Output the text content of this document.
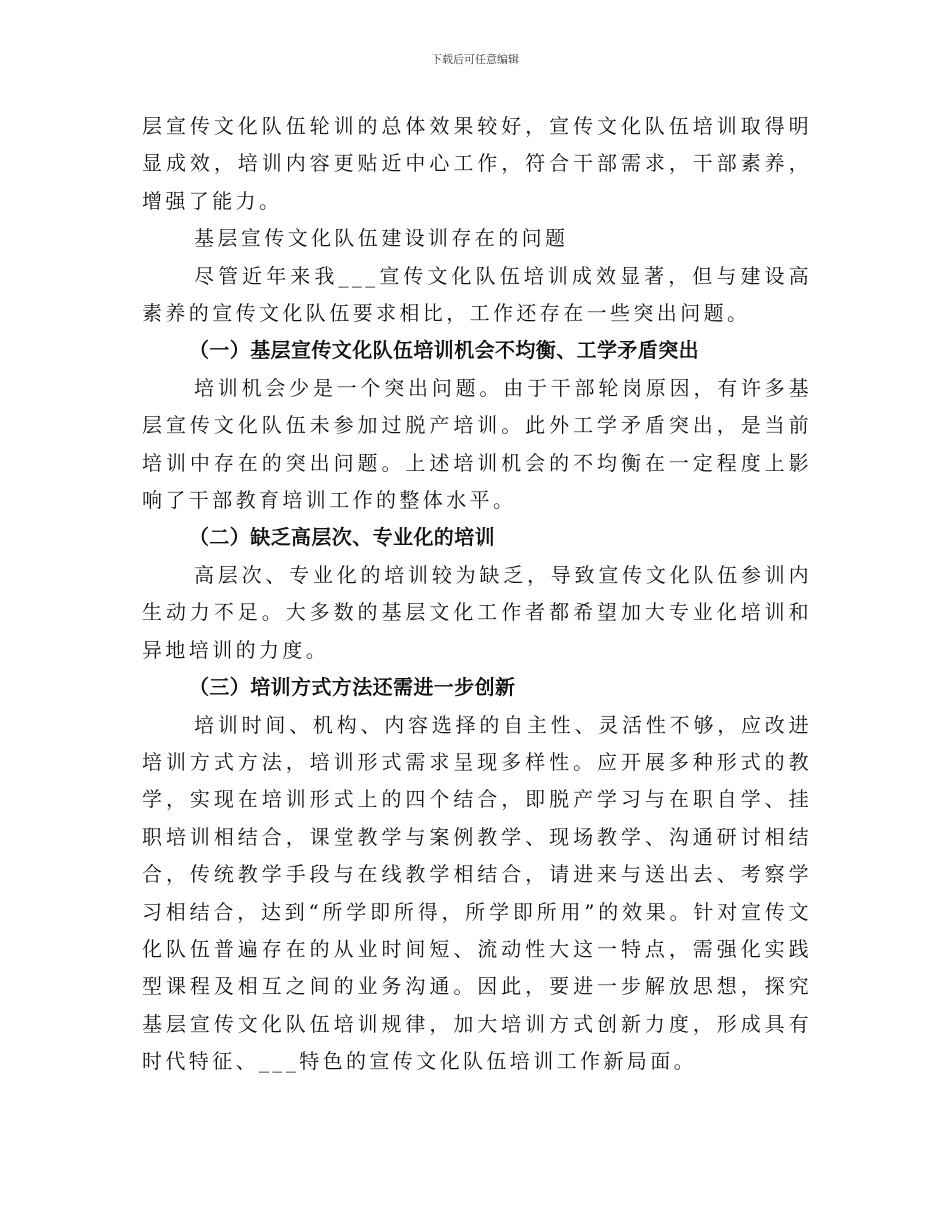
下载后可任意编辑

层宣传文化队伍轮训的总体效果较好，宣传文化队伍培训取得明显成效，培训内容更贴近中心工作，符合干部需求，干部素养，增强了能力。

基层宣传文化队伍建设训存在的问题

尽管近年来我___宣传文化队伍培训成效显著，但与建设高素养的宣传文化队伍要求相比，工作还存在一些突出问题。

（一）基层宣传文化队伍培训机会不均衡、工学矛盾突出

培训机会少是一个突出问题。由于干部轮岗原因，有许多基层宣传文化队伍未参加过脱产培训。此外工学矛盾突出，是当前培训中存在的突出问题。上述培训机会的不均衡在一定程度上影响了干部教育培训工作的整体水平。

（二）缺乏高层次、专业化的培训

高层次、专业化的培训较为缺乏，导致宣传文化队伍参训内生动力不足。大多数的基层文化工作者都希望加大专业化培训和异地培训的力度。

（三）培训方式方法还需进一步创新

培训时间、机构、内容选择的自主性、灵活性不够，应改进培训方式方法，培训形式需求呈现多样性。应开展多种形式的教学，实现在培训形式上的四个结合，即脱产学习与在职自学、挂职培训相结合，课堂教学与案例教学、现场教学、沟通研讨相结合，传统教学手段与在线教学相结合，请进来与送出去、考察学习相结合，达到“所学即所得，所学即所用”的效果。针对宣传文化队伍普遍存在的从业时间短、流动性大这一特点，需强化实践型课程及相互之间的业务沟通。因此，要进一步解放思想，探究基层宣传文化队伍培训规律，加大培训方式创新力度，形成具有时代特征、___特色的宣传文化队伍培训工作新局面。
